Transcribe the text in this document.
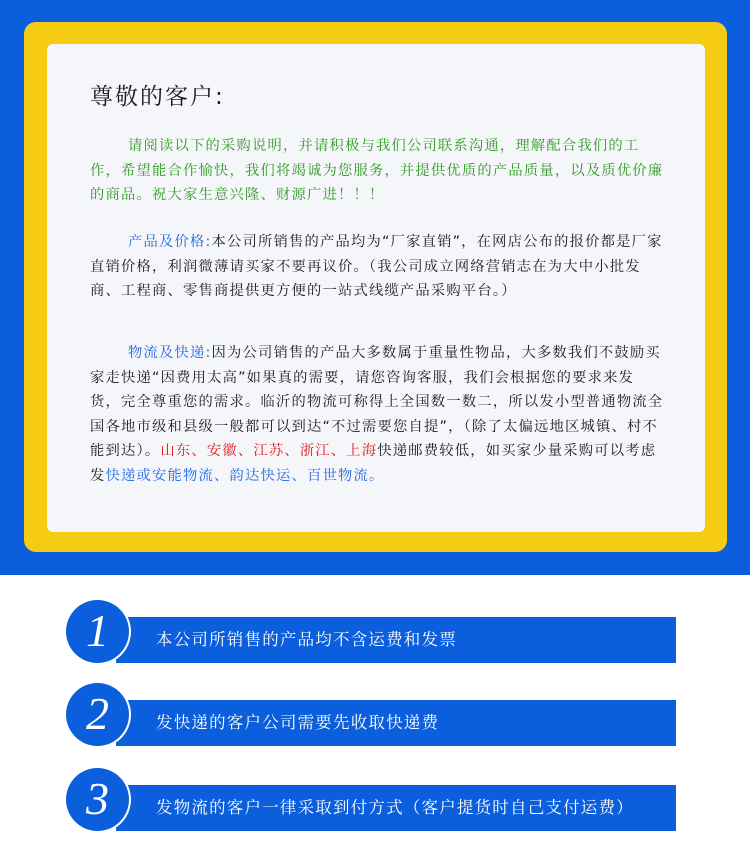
尊敬的客户:

请阅读以下的采购说明，并请积极与我们公司联系沟通，理解配合我们的工作，希望能合作愉快，我们将竭诚为您服务，并提供优质的产品质量，以及质优价廉的商品。祝大家生意兴隆、财源广进！！！

产品及价格:本公司所销售的产品均为“厂家直销”，在网店公布的报价都是厂家直销价格，利润微薄请买家不要再议价。（我公司成立网络营销志在为大中小批发商、工程商、零售商提供更方便的一站式线缆产品采购平台。）

物流及快递:因为公司销售的产品大多数属于重量性物品，大多数我们不鼓励买家走快递“因费用太高”如果真的需要，请您咨询客服，我们会根据您的要求来发货，完全尊重您的需求。临沂的物流可称得上全国数一数二，所以发小型普通物流全国各地市级和县级一般都可以到达“不过需要您自提”，（除了太偏远地区城镇、村不能到达）。山东、安徽、江苏、浙江、上海快递邮费较低，如买家少量采购可以考虑发快递或安能物流、韵达快运、百世物流。

本公司所销售的产品均不含运费和发票
1
发快递的客户公司需要先收取快递费
2
发物流的客户一律采取到付方式（客户提货时自己支付运费）
3
